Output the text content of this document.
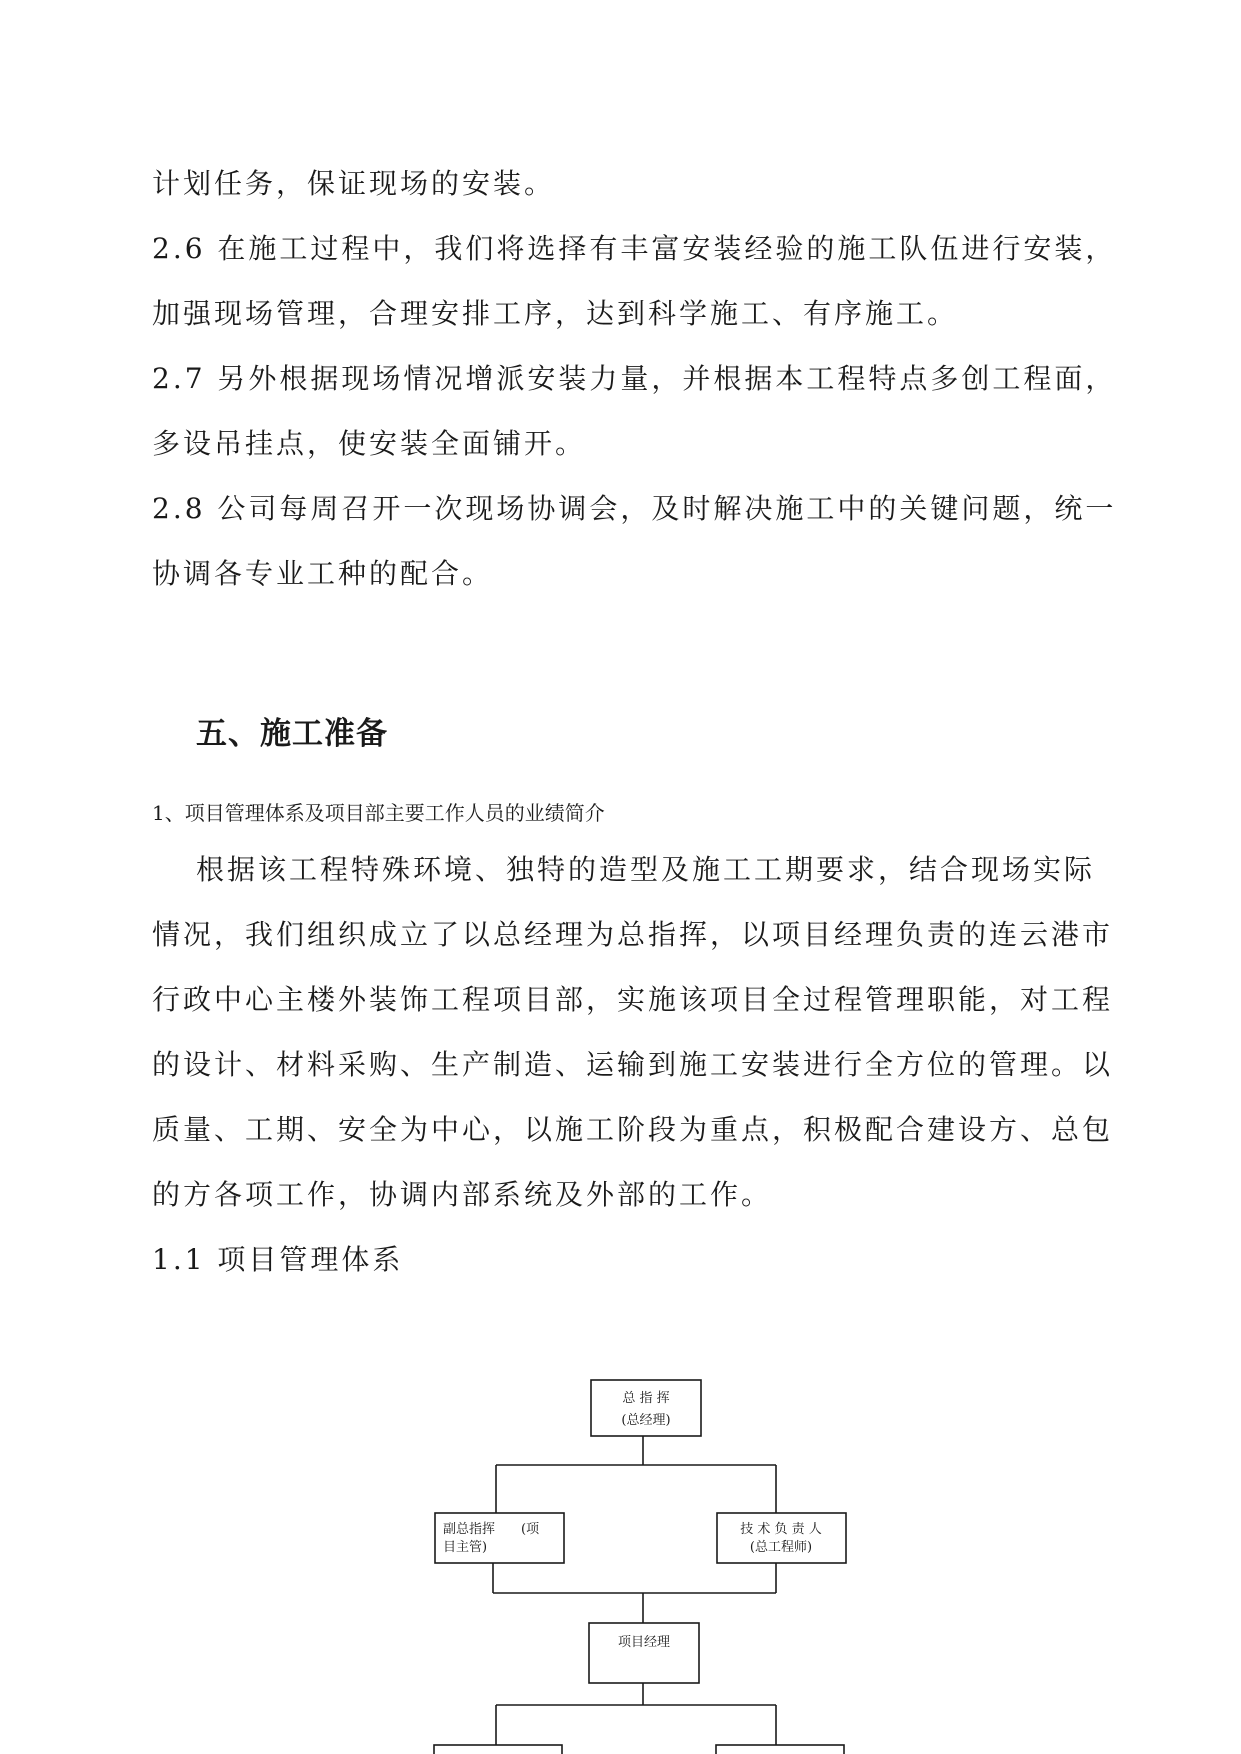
计划任务，保证现场的安装。
2.6 在施工过程中，我们将选择有丰富安装经验的施工队伍进行安装，
加强现场管理，合理安排工序，达到科学施工、有序施工。
2.7 另外根据现场情况增派安装力量，并根据本工程特点多创工程面，
多设吊挂点，使安装全面铺开。
2.8 公司每周召开一次现场协调会，及时解决施工中的关键问题，统一
协调各专业工种的配合。
五、施工准备
1、项目管理体系及项目部主要工作人员的业绩简介
根据该工程特殊环境、独特的造型及施工工期要求，结合现场实际
情况，我们组织成立了以总经理为总指挥，以项目经理负责的连云港市
行政中心主楼外装饰工程项目部，实施该项目全过程管理职能，对工程
的设计、材料采购、生产制造、运输到施工安装进行全方位的管理。以
质量、工期、安全为中心，以施工阶段为重点，积极配合建设方、总包
的方各项工作，协调内部系统及外部的工作。
1.1 项目管理体系
总 指 挥
(总经理)
副总指挥　　(项
目主管)
技 术 负 责 人
(总工程师)
项目经理
